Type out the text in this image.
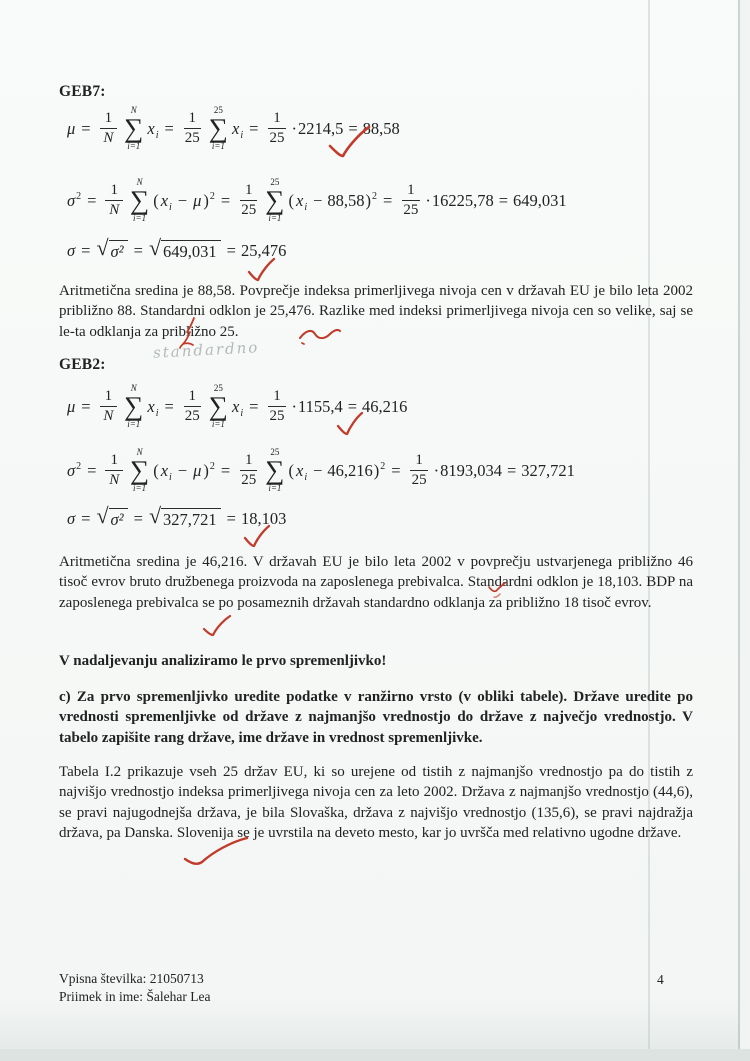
GEB7:
$\mu = \frac{1}{N}$ N
∑
i=1
xi = $\frac{1}{25} 25$
∑
i=1
xi = $\frac{1}{25} \cdot 2214,5 = 88,58$
$\sigma 2 = \frac{1}{N}$ N
∑
i=1
( xi − μ )$2 = \frac{1}{25} 25$
∑
i=1
( xi − 88,58 )$2 = \frac{1}{25} \cdot 16225,78 = 649,031$
σ = √ σ² = √ 649,031 = 25,476
Aritmetična sredina je 88,58. Povprečje indeksa primerljivega nivoja cen v državah EU je bilo leta 2002 približno 88. Standardni odklon je 25,476. Razlike med indeksi primerljivega nivoja cen so velike, saj se le-ta odklanja za približno 25.
standardno
GEB2:
$\mu = \frac{1}{N}$ N
∑
i=1
xi = $\frac{1}{25} 25$
∑
i=1
xi = $\frac{1}{25} \cdot 1155,4 = 46,216$
$\sigma 2 = \frac{1}{N}$ N
∑
i=1
( xi − μ )$2 = \frac{1}{25} 25$
∑
i=1
( xi − 46,216 )$2 = \frac{1}{25} \cdot 8193,034 = 327,721$
σ = √ σ² = √ 327,721 = 18,103
Aritmetična sredina je 46,216. V državah EU je bilo leta 2002 v povprečju ustvarjenega približno 46 tisoč evrov bruto družbenega proizvoda na zaposlenega prebivalca. Standardni odklon je 18,103. BDP na zaposlenega prebivalca se po posameznih državah standardno odklanja za približno 18 tisoč evrov.
V nadaljevanju analiziramo le prvo spremenljivko!
c) Za prvo spremenljivko uredite podatke v ranžirno vrsto (v obliki tabele). Države uredite po vrednosti spremenljivke od države z najmanjšo vrednostjo do države z največjo vrednostjo. V tabelo zapišite rang države, ime države in vrednost spremenljivke.
Tabela I.2 prikazuje vseh 25 držav EU, ki so urejene od tistih z najmanjšo vrednostjo pa do tistih z najvišjo vrednostjo indeksa primerljivega nivoja cen za leto 2002. Država z najmanjšo vrednostjo (44,6), se pravi najugodnejša država, je bila Slovaška, država z najvišjo vrednostjo (135,6), se pravi najdražja država, pa Danska. Slovenija se je uvrstila na deveto mesto, kar jo uvršča med relativno ugodne države.
Vpisna številka: 21050713
Priimek in ime: Šalehar Lea
4
